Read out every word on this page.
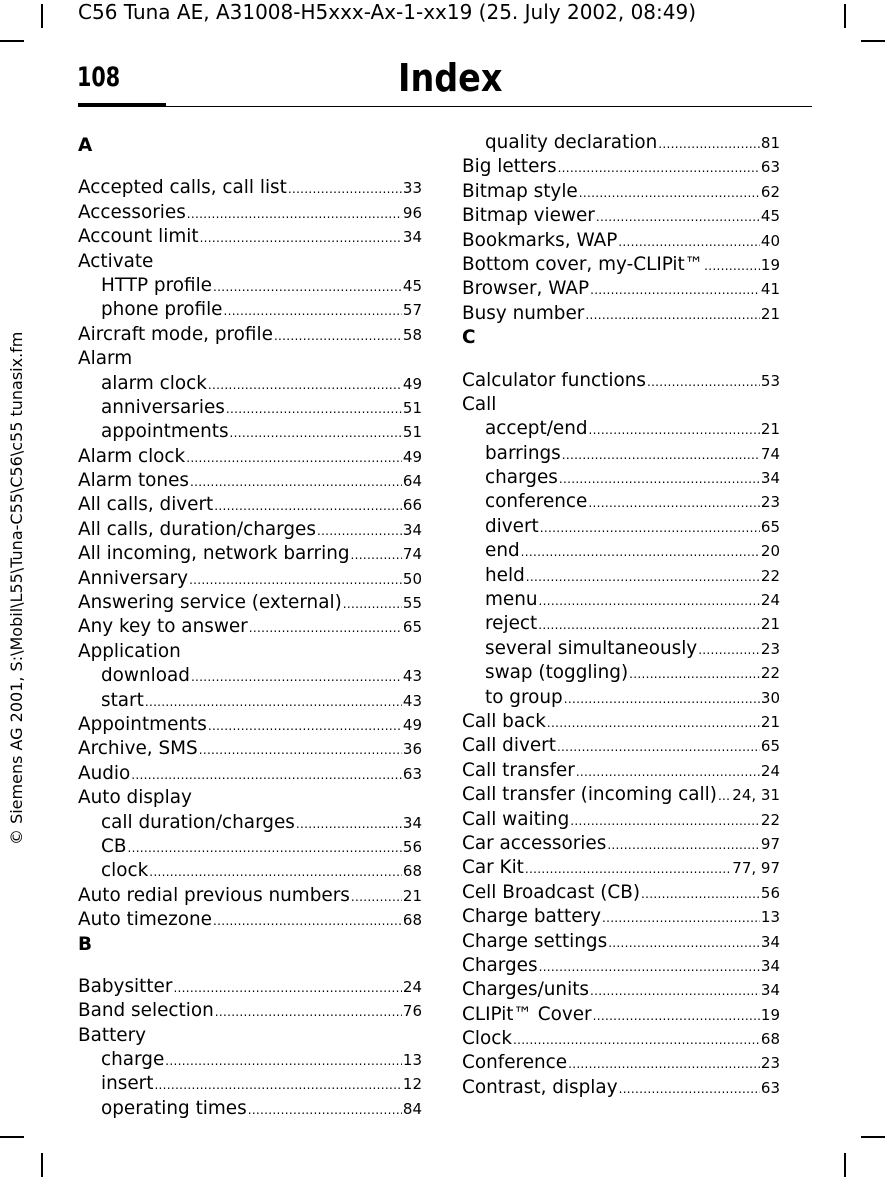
C56 Tuna AE, A31008-H5xxx-Ax-1-xx19 (25. July 2002, 08:49)
© Siemens AG 2001, S:\Mobil\L55\Tuna-C55\C56\c55 tunasix.fm
108	Index
A
Accepted calls, call list .....	33
Accessories .....	96
Account limit .....	34
Activate
HTTP profile .....	45
phone profile .....	57
Aircraft mode, profile .....	58
Alarm
alarm clock .....	49
anniversaries .....	51
appointments .....	51
Alarm clock .....	49
Alarm tones .....	64
All calls, divert .....	66
All calls, duration/charges .....	34
All incoming, network barring .....	74
Anniversary .....	50
Answering service (external) .....	55
Any key to answer .....	65
Application
download .....	43
start .....	43
Appointments .....	49
Archive, SMS .....	36
Audio .....	63
Auto display
call duration/charges .....	34
CB .....	56
clock .....	68
Auto redial previous numbers .....	21
Auto timezone .....	68
B
Babysitter .....	24
Band selection .....	76
Battery
charge .....	13
insert .....	12
operating times .....	84
quality declaration .....	81
Big letters .....	63
Bitmap style .....	62
Bitmap viewer .....	45
Bookmarks, WAP .....	40
Bottom cover, my-CLIPit™ .....	19
Browser, WAP .....	41
Busy number .....	21
C
Calculator functions .....	53
Call
accept/end .....	21
barrings .....	74
charges .....	34
conference .....	23
divert .....	65
end .....	20
held .....	22
menu .....	24
reject .....	21
several simultaneously .....	23
swap (toggling) .....	22
to group .....	30
Call back .....	21
Call divert .....	65
Call transfer .....	24
Call transfer (incoming call) ..... 24, 31
Call waiting .....	22
Car accessories .....	97
Car Kit .....	77, 97
Cell Broadcast (CB) .....	56
Charge battery .....	13
Charge settings .....	34
Charges .....	34
Charges/units .....	34
CLIPit™ Cover .....	19
Clock .....	68
Conference .....	23
Contrast, display .....	63
